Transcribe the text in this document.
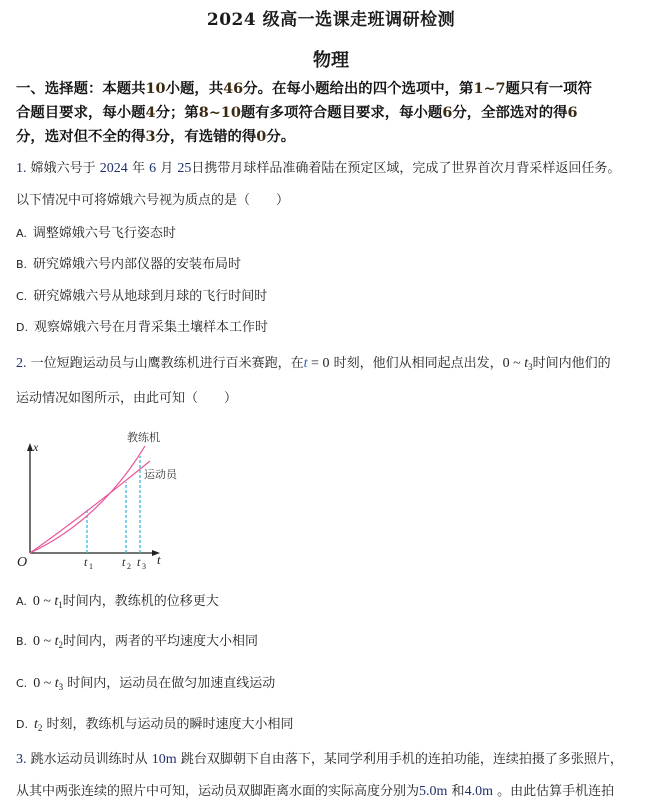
2024 级高一选课走班调研检测
物理
一、选择题：本题共10小题，共46分。在每小题给出的四个选项中，第1~7题只有一项符
合题目要求，每小题4分；第8~10题有多项符合题目要求，每小题6分，全部选对的得6
分，选对但不全的得3分，有选错的得0分。
1. 嫦娥六号于 2024 年 6 月 25日携带月球样品准确着陆在预定区域，完成了世界首次月背采样返回任务。
以下情况中可将嫦娥六号视为质点的是（　　）
A. 调整嫦娥六号飞行姿态时
B. 研究嫦娥六号内部仪器的安装布局时
C. 研究嫦娥六号从地球到月球的飞行时间时
D. 观察嫦娥六号在月背采集土壤样本工作时
2. 一位短跑运动员与山鹰教练机进行百米赛跑，在t = 0 时刻，他们从相同起点出发，0 ~ $t_3$时间内他们的
运动情况如图所示，由此可知（　　）
x
t
O	t 1 t 2 t 3
教练机
运动员
A. 0 ~ $t_1$时间内，教练机的位移更大
B. 0 ~ $t_2$时间内，两者的平均速度大小相同
C. 0 ~ $t_3$ 时间内，运动员在做匀加速直线运动
D. $t_2$ 时刻，教练机与运动员的瞬时速度大小相同
3. 跳水运动员训练时从 10m 跳台双脚朝下自由落下，某同学利用手机的连拍功能，连续拍摄了多张照片，
从其中两张连续的照片中可知，运动员双脚距离水面的实际高度分别为5.0m 和4.0m 。由此估算手机连拍
